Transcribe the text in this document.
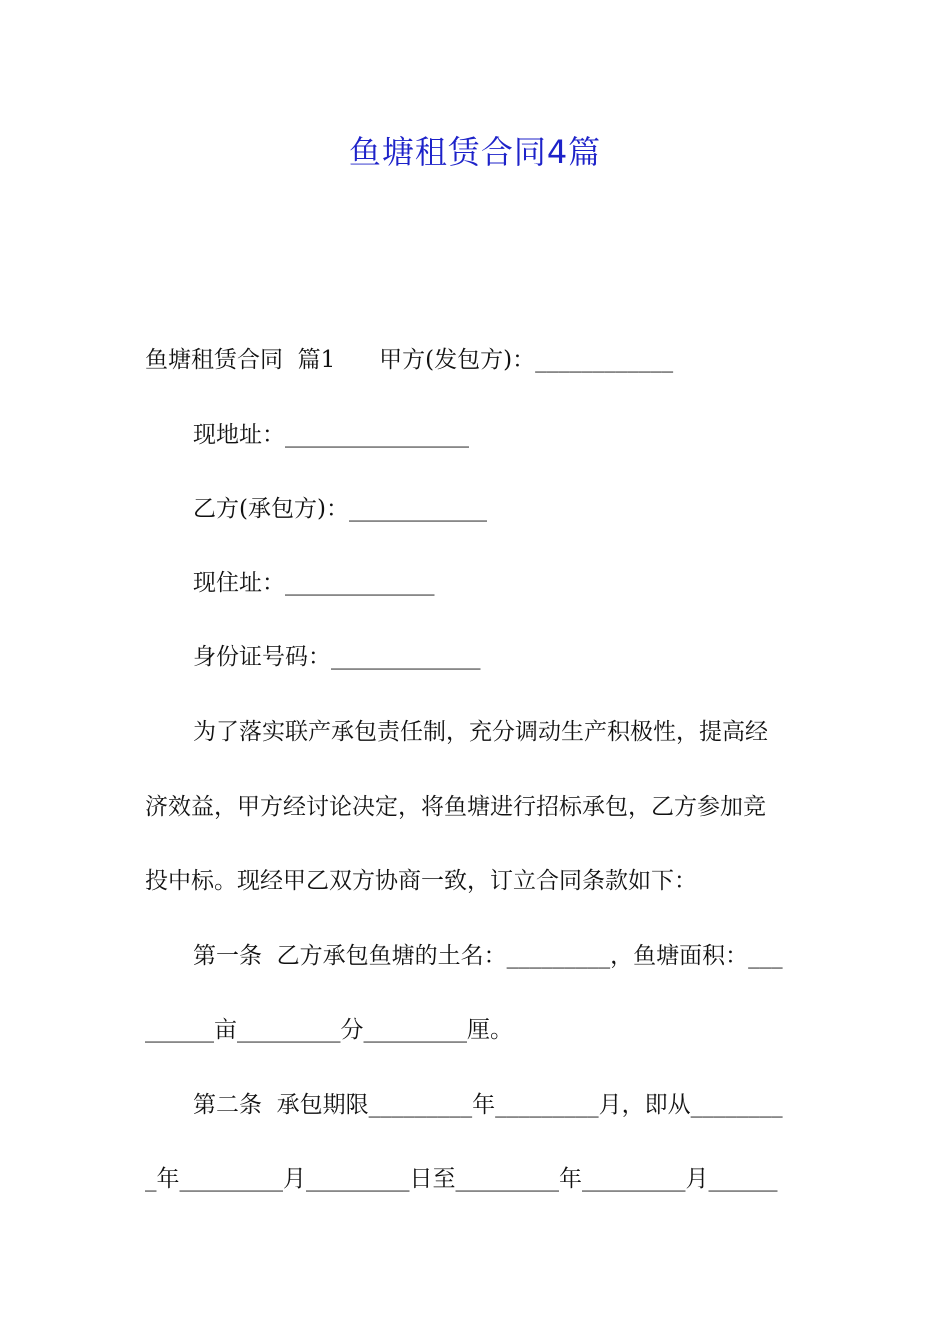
鱼塘租赁合同4篇

鱼塘租赁合同  篇1      甲方(发包方)：____________

现地址：________________

乙方(承包方)：____________

现住址：_____________

身份证号码：_____________

为了落实联产承包责任制，充分调动生产积极性，提高经

济效益，甲方经讨论决定，将鱼塘进行招标承包，乙方参加竞

投中标。现经甲乙双方协商一致，订立合同条款如下：

第一条  乙方承包鱼塘的土名：_________，鱼塘面积：___

______亩_________分_________厘。

第二条  承包期限_________年_________月，即从________

_年_________月_________日至_________年_________月______
